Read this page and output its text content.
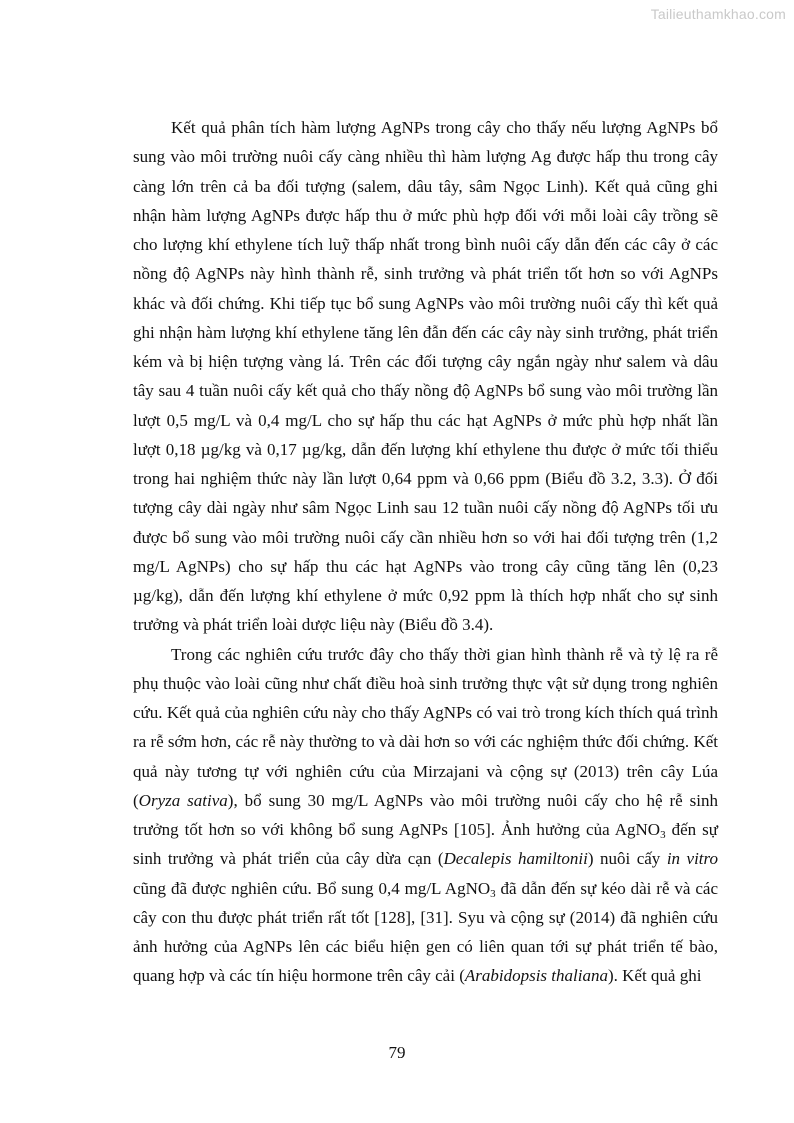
Tailieuthamkhao.com

Kết quả phân tích hàm lượng AgNPs trong cây cho thấy nếu lượng AgNPs bổ sung vào môi trường nuôi cấy càng nhiều thì hàm lượng Ag được hấp thu trong cây càng lớn trên cả ba đối tượng (salem, dâu tây, sâm Ngọc Linh). Kết quả cũng ghi nhận hàm lượng AgNPs được hấp thu ở mức phù hợp đối với mỗi loài cây trồng sẽ cho lượng khí ethylene tích luỹ thấp nhất trong bình nuôi cấy dẫn đến các cây ở các nồng độ AgNPs này hình thành rễ, sinh trưởng và phát triển tốt hơn so với AgNPs khác và đối chứng. Khi tiếp tục bổ sung AgNPs vào môi trường nuôi cấy thì kết quả ghi nhận hàm lượng khí ethylene tăng lên đẫn đến các cây này sinh trưởng, phát triển kém và bị hiện tượng vàng lá. Trên các đối tượng cây ngắn ngày như salem và dâu tây sau 4 tuần nuôi cấy kết quả cho thấy nồng độ AgNPs bổ sung vào môi trường lần lượt 0,5 mg/L và 0,4 mg/L cho sự hấp thu các hạt AgNPs ở mức phù hợp nhất lần lượt 0,18 µg/kg và 0,17 µg/kg, dẫn đến lượng khí ethylene thu được ở mức tối thiểu trong hai nghiệm thức này lần lượt 0,64 ppm và 0,66 ppm (Biểu đồ 3.2, 3.3). Ở đối tượng cây dài ngày như sâm Ngọc Linh sau 12 tuần nuôi cấy nồng độ AgNPs tối ưu được bổ sung vào môi trường nuôi cấy cần nhiều hơn so với hai đối tượng trên (1,2 mg/L AgNPs) cho sự hấp thu các hạt AgNPs vào trong cây cũng tăng lên (0,23 µg/kg), dẫn đến lượng khí ethylene ở mức 0,92 ppm là thích hợp nhất cho sự sinh trưởng và phát triển loài dược liệu này (Biểu đồ 3.4).

Trong các nghiên cứu trước đây cho thấy thời gian hình thành rễ và tỷ lệ ra rễ phụ thuộc vào loài cũng như chất điều hoà sinh trưởng thực vật sử dụng trong nghiên cứu. Kết quả của nghiên cứu này cho thấy AgNPs có vai trò trong kích thích quá trình ra rễ sớm hơn, các rễ này thường to và dài hơn so với các nghiệm thức đối chứng. Kết quả này tương tự với nghiên cứu của Mirzajani và cộng sự (2013) trên cây Lúa (Oryza sativa), bổ sung 30 mg/L AgNPs vào môi trường nuôi cấy cho hệ rễ sinh trưởng tốt hơn so với không bổ sung AgNPs [105]. Ảnh hưởng của AgNO$_3$ đến sự sinh trưởng và phát triển của cây dừa cạn (Decalepis hamiltonii) nuôi cấy in vitro cũng đã được nghiên cứu. Bổ sung 0,4 mg/L AgNO$_3$ đã dẫn đến sự kéo dài rễ và các cây con thu được phát triển rất tốt [128], [31]. Syu và cộng sự (2014) đã nghiên cứu ảnh hưởng của AgNPs lên các biểu hiện gen có liên quan tới sự phát triển tế bào, quang hợp và các tín hiệu hormone trên cây cải (Arabidopsis thaliana). Kết quả ghi

79
